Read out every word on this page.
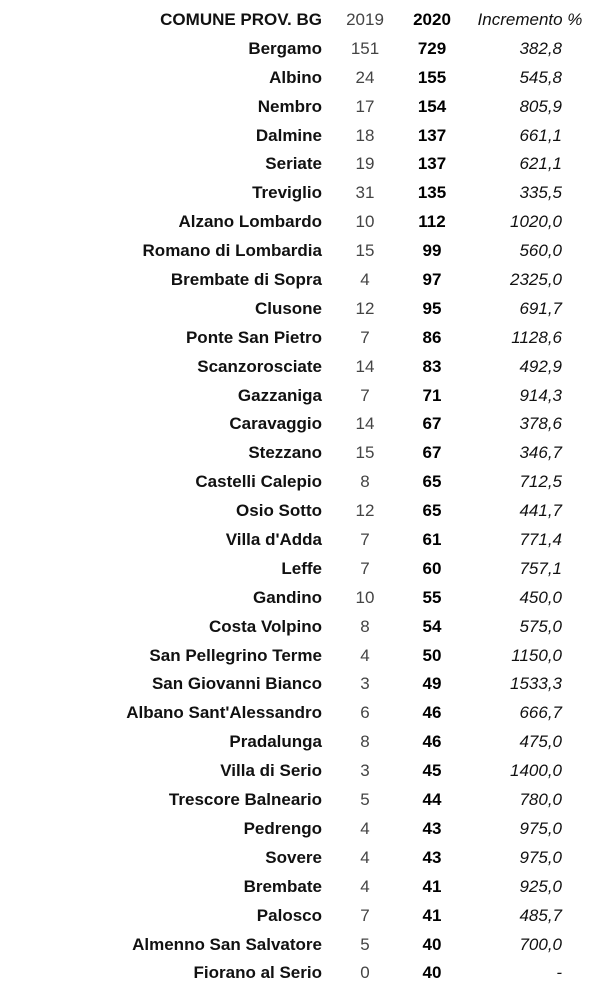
COMUNE PROV. BG	2019	2020	Incremento %
Bergamo	151	729	382,8
Albino	24	155	545,8
Nembro	17	154	805,9
Dalmine	18	137	661,1
Seriate	19	137	621,1
Treviglio	31	135	335,5
Alzano Lombardo	10	112	1020,0
Romano di Lombardia	15	99	560,0
Brembate di Sopra	4	97	2325,0
Clusone	12	95	691,7
Ponte San Pietro	7	86	1128,6
Scanzorosciate	14	83	492,9
Gazzaniga	7	71	914,3
Caravaggio	14	67	378,6
Stezzano	15	67	346,7
Castelli Calepio	8	65	712,5
Osio Sotto	12	65	441,7
Villa d'Adda	7	61	771,4
Leffe	7	60	757,1
Gandino	10	55	450,0
Costa Volpino	8	54	575,0
San Pellegrino Terme	4	50	1150,0
San Giovanni Bianco	3	49	1533,3
Albano Sant'Alessandro	6	46	666,7
Pradalunga	8	46	475,0
Villa di Serio	3	45	1400,0
Trescore Balneario	5	44	780,0
Pedrengo	4	43	975,0
Sovere	4	43	975,0
Brembate	4	41	925,0
Palosco	7	41	485,7
Almenno San Salvatore	5	40	700,0
Fiorano al Serio	0	40	-
